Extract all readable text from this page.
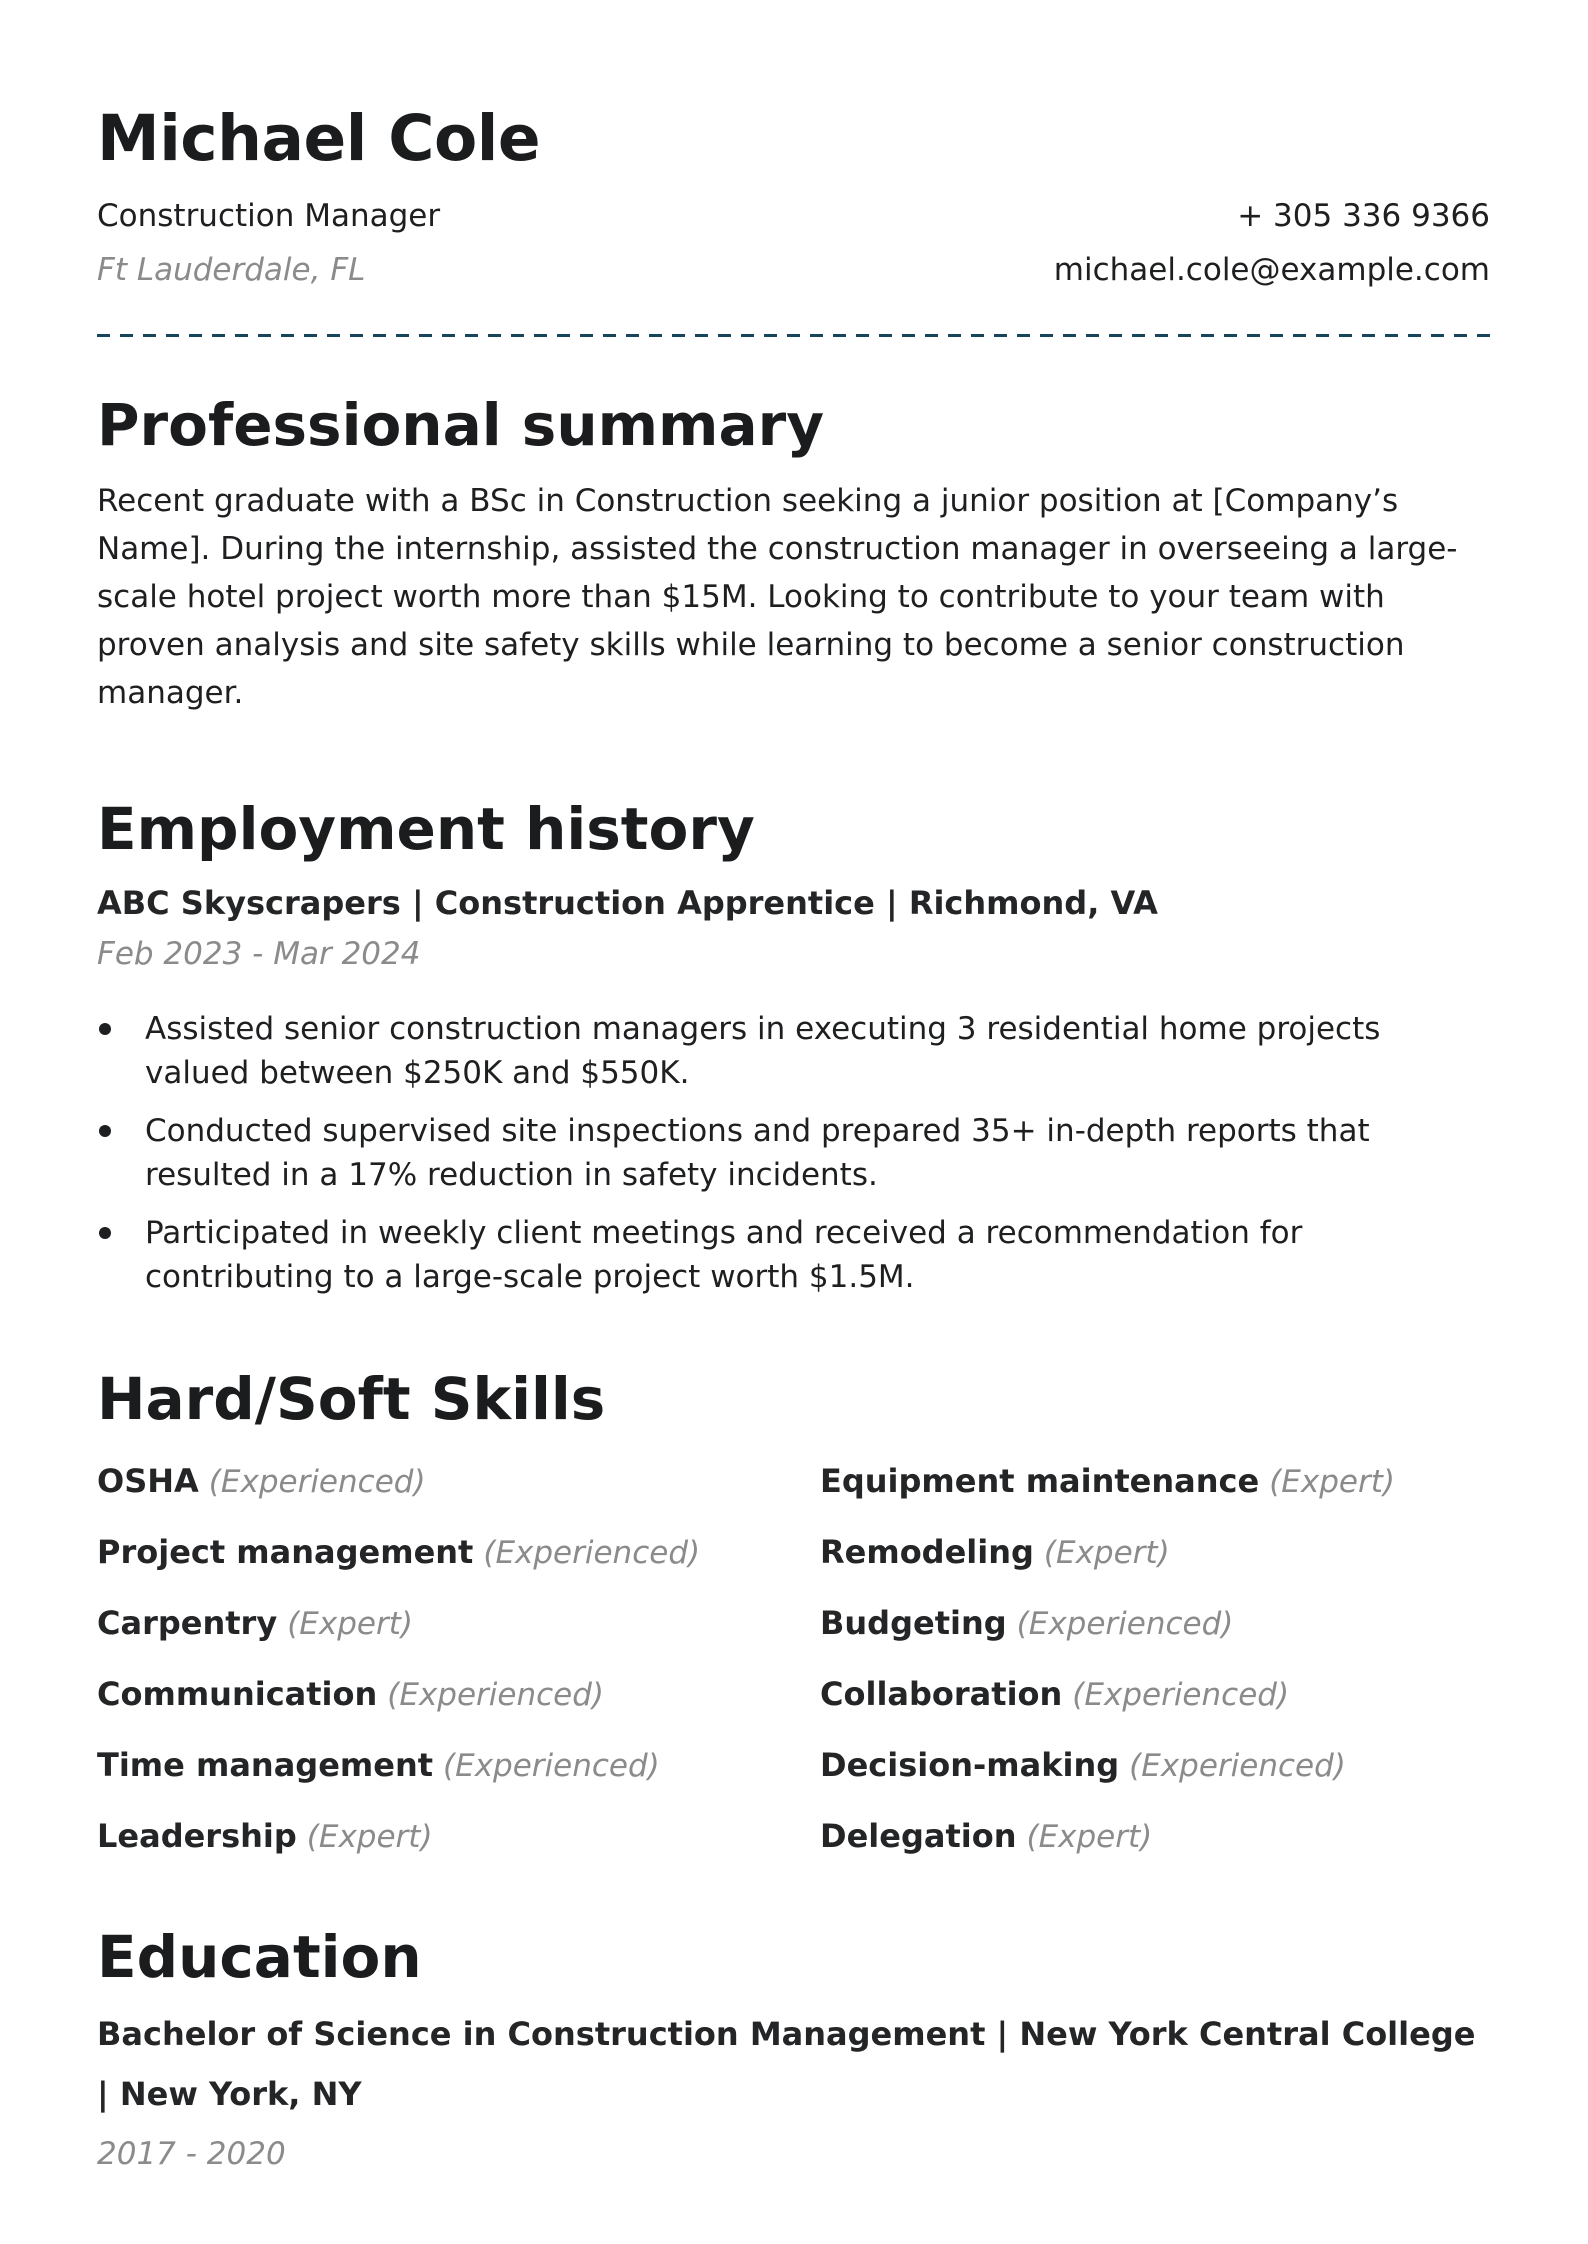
Michael Cole
Construction Manager
Ft Lauderdale, FL
+ 305 336 9366
michael.cole@example.com
Professional summary

Recent graduate with a BSc in Construction seeking a junior position at [Company’s Name]. During the internship, assisted the construction manager in overseeing a large-scale hotel project worth more than $15M. Looking to contribute to your team with proven analysis and site safety skills while learning to become a senior construction manager.

Employment history
ABC Skyscrapers | Construction Apprentice | Richmond, VA
Feb 2023 - Mar 2024
Assisted senior construction managers in executing 3 residential home projects valued between $250K and $550K.
Conducted supervised site inspections and prepared 35+ in-depth reports that resulted in a 17% reduction in safety incidents.
Participated in weekly client meetings and received a recommendation for contributing to a large-scale project worth $1.5M.
Hard/Soft Skills
OSHA (Experienced)
Project management (Experienced)
Carpentry (Expert)
Communication (Experienced)
Time management (Experienced)
Leadership (Expert)
Equipment maintenance (Expert)
Remodeling (Expert)
Budgeting (Experienced)
Collaboration (Experienced)
Decision-making (Experienced)
Delegation (Expert)
Education
Bachelor of Science in Construction Management | New York Central College | New York, NY
2017 - 2020
